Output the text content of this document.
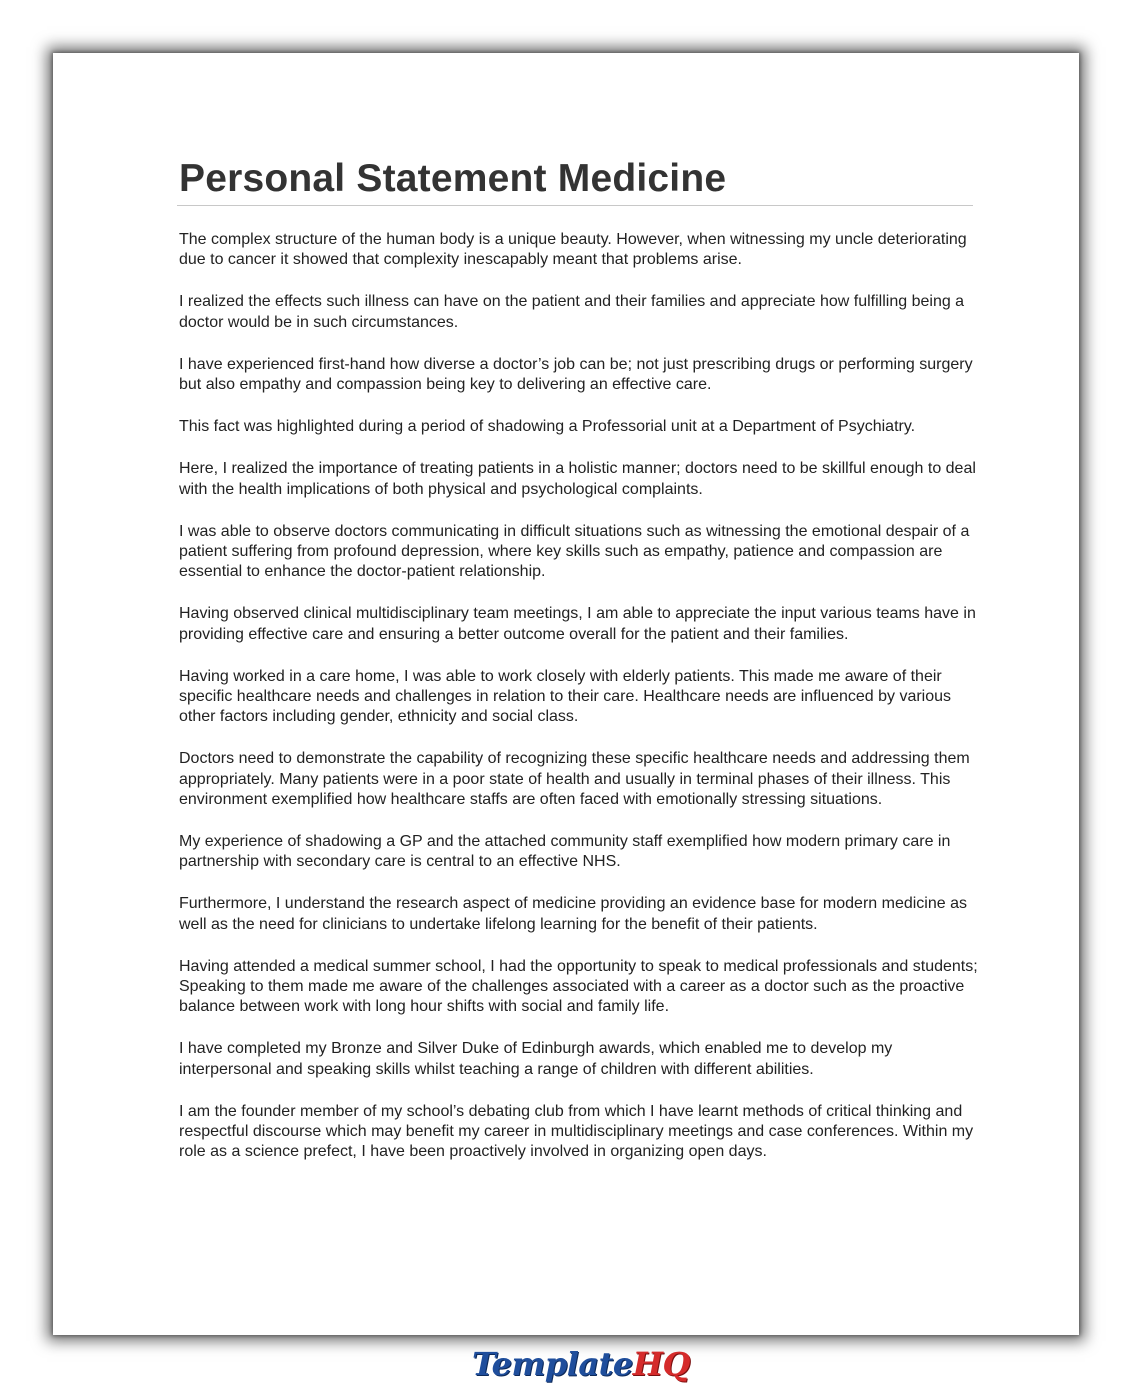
Personal Statement Medicine

The complex structure of the human body is a unique beauty. However, when witnessing my uncle deteriorating due to cancer it showed that complexity inescapably meant that problems arise.

I realized the effects such illness can have on the patient and their families and appreciate how fulfilling being a doctor would be in such circumstances.

I have experienced first-hand how diverse a doctor’s job can be; not just prescribing drugs or performing surgery but also empathy and compassion being key to delivering an effective care.

This fact was highlighted during a period of shadowing a Professorial unit at a Department of Psychiatry.

Here, I realized the importance of treating patients in a holistic manner; doctors need to be skillful enough to deal with the health implications of both physical and psychological complaints.

I was able to observe doctors communicating in difficult situations such as witnessing the emotional despair of a patient suffering from profound depression, where key skills such as empathy, patience and compassion are essential to enhance the doctor-patient relationship.

Having observed clinical multidisciplinary team meetings, I am able to appreciate the input various teams have in providing effective care and ensuring a better outcome overall for the patient and their families.

Having worked in a care home, I was able to work closely with elderly patients. This made me aware of their specific healthcare needs and challenges in relation to their care. Healthcare needs are influenced by various other factors including gender, ethnicity and social class.

Doctors need to demonstrate the capability of recognizing these specific healthcare needs and addressing them appropriately. Many patients were in a poor state of health and usually in terminal phases of their illness. This environment exemplified how healthcare staffs are often faced with emotionally stressing situations.

My experience of shadowing a GP and the attached community staff exemplified how modern primary care in partnership with secondary care is central to an effective NHS.

Furthermore, I understand the research aspect of medicine providing an evidence base for modern medicine as well as the need for clinicians to undertake lifelong learning for the benefit of their patients.

Having attended a medical summer school, I had the opportunity to speak to medical professionals and students; Speaking to them made me aware of the challenges associated with a career as a doctor such as the proactive balance between work with long hour shifts with social and family life.

I have completed my Bronze and Silver Duke of Edinburgh awards, which enabled me to develop my interpersonal and speaking skills whilst teaching a range of children with different abilities.

I am the founder member of my school’s debating club from which I have learnt methods of critical thinking and respectful discourse which may benefit my career in multidisciplinary meetings and case conferences. Within my role as a science prefect, I have been proactively involved in organizing open days.

TemplateHQ
